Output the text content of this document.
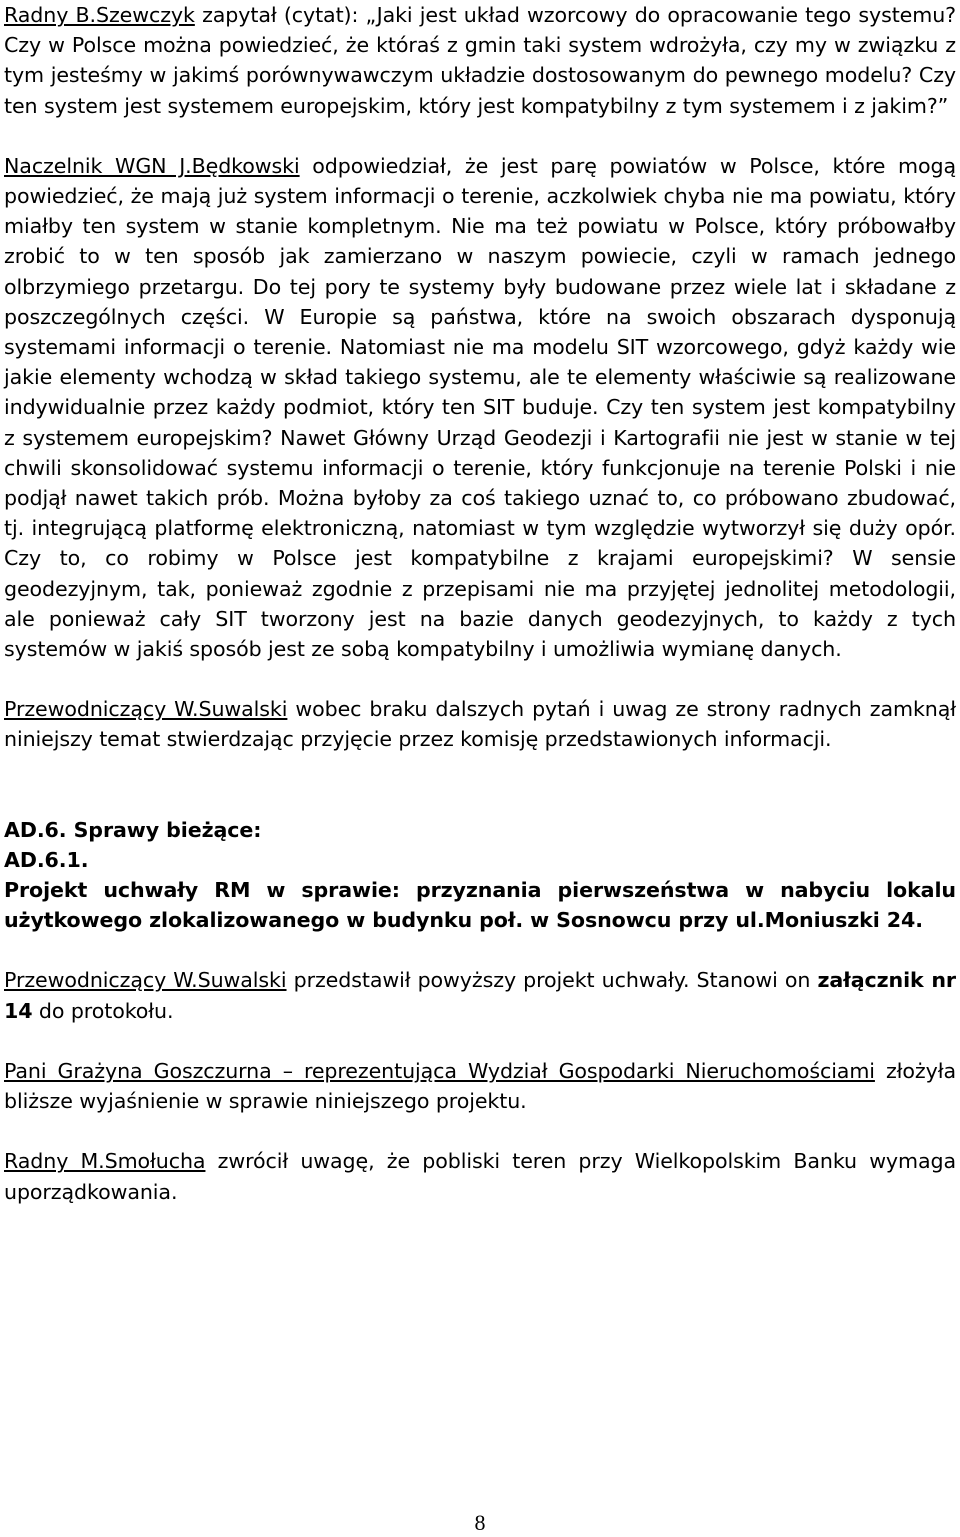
Radny B.Szewczyk zapytał (cytat): „Jaki jest układ wzorcowy do opracowanie tego systemu? Czy w Polsce można powiedzieć, że któraś z gmin taki system wdrożyła, czy my w związku z tym jesteśmy w jakimś porównywawczym układzie dostosowanym do pewnego modelu? Czy ten system jest systemem europejskim, który jest kompatybilny z tym systemem i z jakim?”

Naczelnik WGN J.Będkowski odpowiedział, że jest parę powiatów w Polsce, które mogą powiedzieć, że mają już system informacji o terenie, aczkolwiek chyba nie ma powiatu, który miałby ten system w stanie kompletnym. Nie ma też powiatu w Polsce, który próbowałby zrobić to w ten sposób jak zamierzano w naszym powiecie, czyli w ramach jednego olbrzymiego przetargu. Do tej pory te systemy były budowane przez wiele lat i składane z poszczególnych części. W Europie są państwa, które na swoich obszarach dysponują systemami informacji o terenie. Natomiast nie ma modelu SIT wzorcowego, gdyż każdy wie jakie elementy wchodzą w skład takiego systemu, ale te elementy właściwie są realizowane indywidualnie przez każdy podmiot, który ten SIT buduje. Czy ten system jest kompatybilny z systemem europejskim? Nawet Główny Urząd Geodezji i Kartografii nie jest w stanie w tej chwili skonsolidować systemu informacji o terenie, który funkcjonuje na terenie Polski i nie podjął nawet takich prób. Można byłoby za coś takiego uznać to, co próbowano zbudować, tj. integrującą platformę elektroniczną, natomiast w tym względzie wytworzył się duży opór. Czy to, co robimy w Polsce jest kompatybilne z krajami europejskimi? W sensie geodezyjnym, tak, ponieważ zgodnie z przepisami nie ma przyjętej jednolitej metodologii, ale ponieważ cały SIT tworzony jest na bazie danych geodezyjnych, to każdy z tych systemów w jakiś sposób jest ze sobą kompatybilny i umożliwia wymianę danych.

Przewodniczący W.Suwalski wobec braku dalszych pytań i uwag ze strony radnych zamknął niniejszy temat stwierdzając przyjęcie przez komisję przedstawionych informacji.

AD.6. Sprawy bieżące:

AD.6.1.

Projekt uchwały RM w sprawie: przyznania pierwszeństwa w nabyciu lokalu użytkowego zlokalizowanego w budynku poł. w Sosnowcu przy ul.Moniuszki 24.

Przewodniczący W.Suwalski przedstawił powyższy projekt uchwały. Stanowi on załącznik nr 14 do protokołu.

Pani Grażyna Goszczurna – reprezentująca Wydział Gospodarki Nieruchomościami złożyła bliższe wyjaśnienie w sprawie niniejszego projektu.

Radny M.Smołucha zwrócił uwagę, że pobliski teren przy Wielkopolskim Banku wymaga uporządkowania.

8
